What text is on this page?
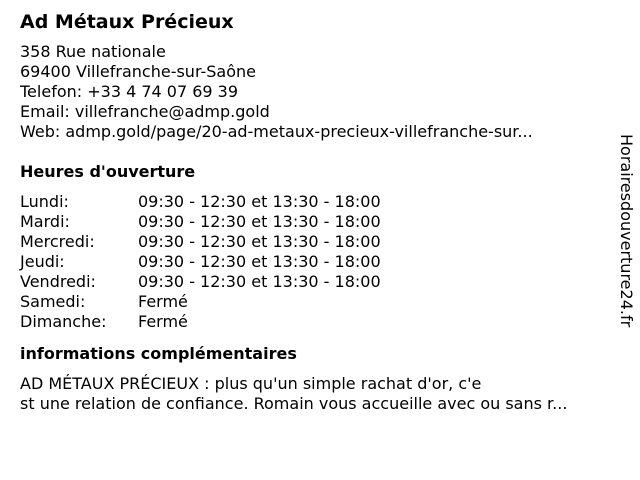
Ad Métaux Précieux
358 Rue nationale
69400 Villefranche-sur-Saône
Telefon: +33 4 74 07 69 39
Email: villefranche@admp.gold
Web: admp.gold/page/20-ad-metaux-precieux-villefranche-sur...
Heures d'ouverture
Lundi:	09:30 - 12:30 et 13:30 - 18:00
Mardi:	09:30 - 12:30 et 13:30 - 18:00
Mercredi:	09:30 - 12:30 et 13:30 - 18:00
Jeudi:	09:30 - 12:30 et 13:30 - 18:00
Vendredi:	09:30 - 12:30 et 13:30 - 18:00
Samedi:	Fermé
Dimanche:	Fermé
informations complémentaires
AD MÉTAUX PRÉCIEUX : plus qu'un simple rachat d'or, c'e
st une relation de confiance. Romain vous accueille avec ou sans r...
Horairesdouverture24.fr
